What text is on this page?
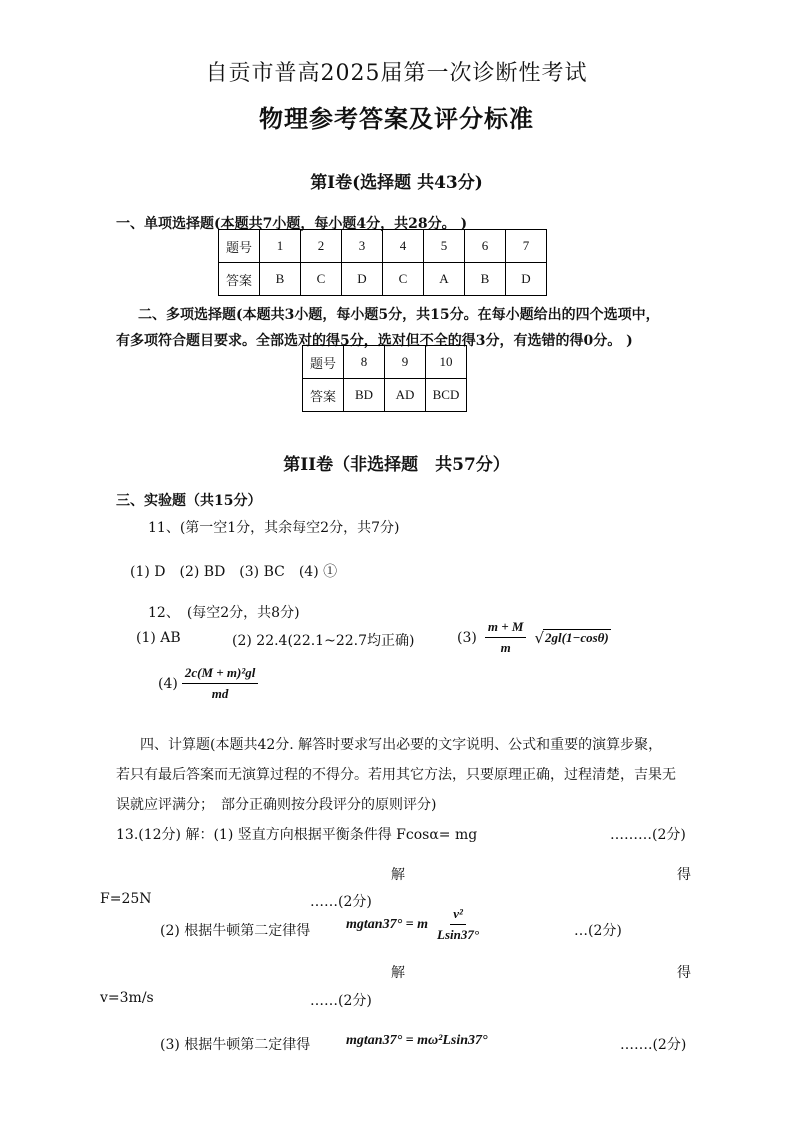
自贡市普高2025届第一次诊断性考试
物理参考答案及评分标准
第Ⅰ卷(选择题 共43分)
一、单项选择题(本题共7小题，每小题4分，共28分。 )
题号	1	2	3	4	5	6	7
答案	B	C	D	C	A	B	D
二、多项选择题(本题共3小题，每小题5分，共15分。在每小题给出的四个选项中，
有多项符合题目要求。全部选对的得5分，选对但不全的得3分，有选错的得0分。 )
题号	8	9	10
答案	BD	AD	BCD
第II卷（非选择题　共57分）
三、实验题（共15分）
11、(第一空1分，其余每空2分，共7分)
(1) D　(2) BD　(3) BC　(4) ①
12、　(每空2分，共8分)
(1) AB	(2) 22.4(22.1~22.7均正确)	$(3) \frac{m + M}{m}$ √ 2gl(1−cosθ)
$(4) \frac{\text{2c(M + m)²gl}}{md}$
四、计算题(本题共42分. 解答时要求写出必要的文字说明、公式和重要的演算步聚，
若只有最后答案而无演算过程的不得分。若用其它方法，只要原理正确，过程清楚，吉果无
误就应评满分；　部分正确则按分段评分的原则评分)
13.(12分) 解：(1) 竖直方向根据平衡条件得 Fcosα= mg	………(2分)
解	得
F=25N	……(2分)
(2) 根据牛顿第二定律得	mgtan37° = m $\frac{\text{v²}}{Lsin37^\circ}$	…(2分)
解	得
v=3m/s	……(2分)
(3) 根据牛顿第二定律得	mgtan37° = mω²Lsin37°	…….(2分)
